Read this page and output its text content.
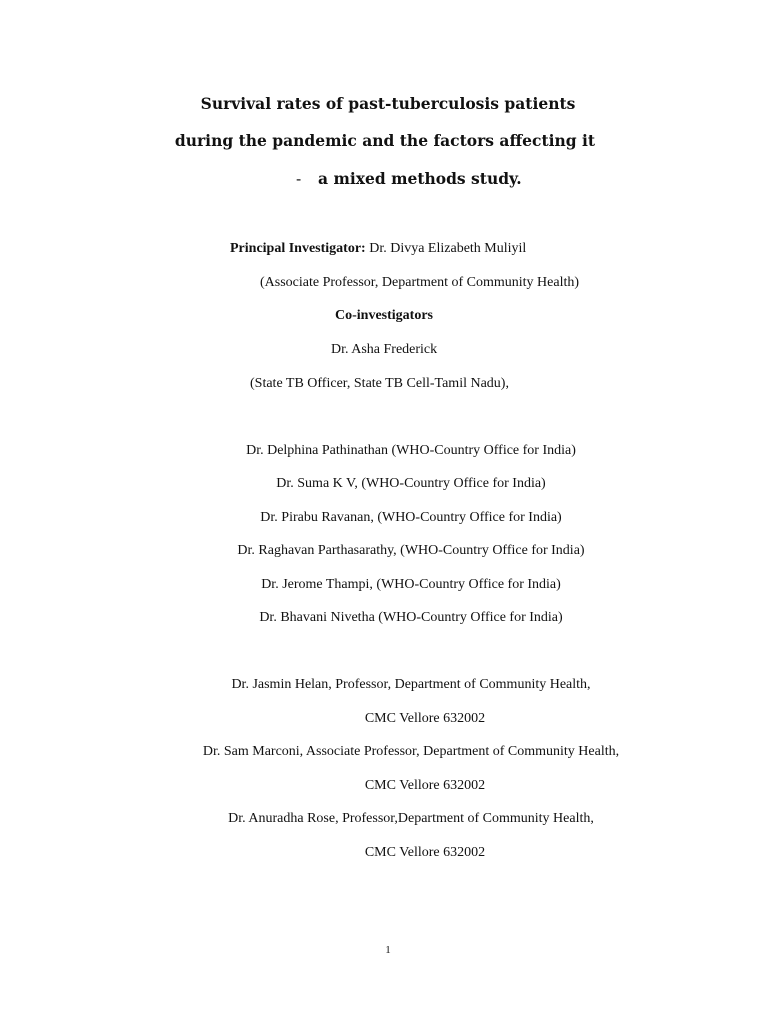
Survival rates of past-tuberculosis patients
during the pandemic and the factors affecting it
- a mixed methods study.
Principal Investigator: Dr. Divya Elizabeth Muliyil
(Associate Professor, Department of Community Health)
Co-investigators
Dr. Asha Frederick
(State TB Officer, State TB Cell-Tamil Nadu),
Dr. Delphina Pathinathan (WHO-Country Office for India)
Dr. Suma K V, (WHO-Country Office for India)
Dr. Pirabu Ravanan, (WHO-Country Office for India)
Dr. Raghavan Parthasarathy, (WHO-Country Office for India)
Dr. Jerome Thampi, (WHO-Country Office for India)
Dr. Bhavani Nivetha (WHO-Country Office for India)
Dr. Jasmin Helan, Professor, Department of Community Health,
CMC Vellore 632002
Dr. Sam Marconi, Associate Professor, Department of Community Health,
CMC Vellore 632002
Dr. Anuradha Rose, Professor,Department of Community Health,
CMC Vellore 632002
1
